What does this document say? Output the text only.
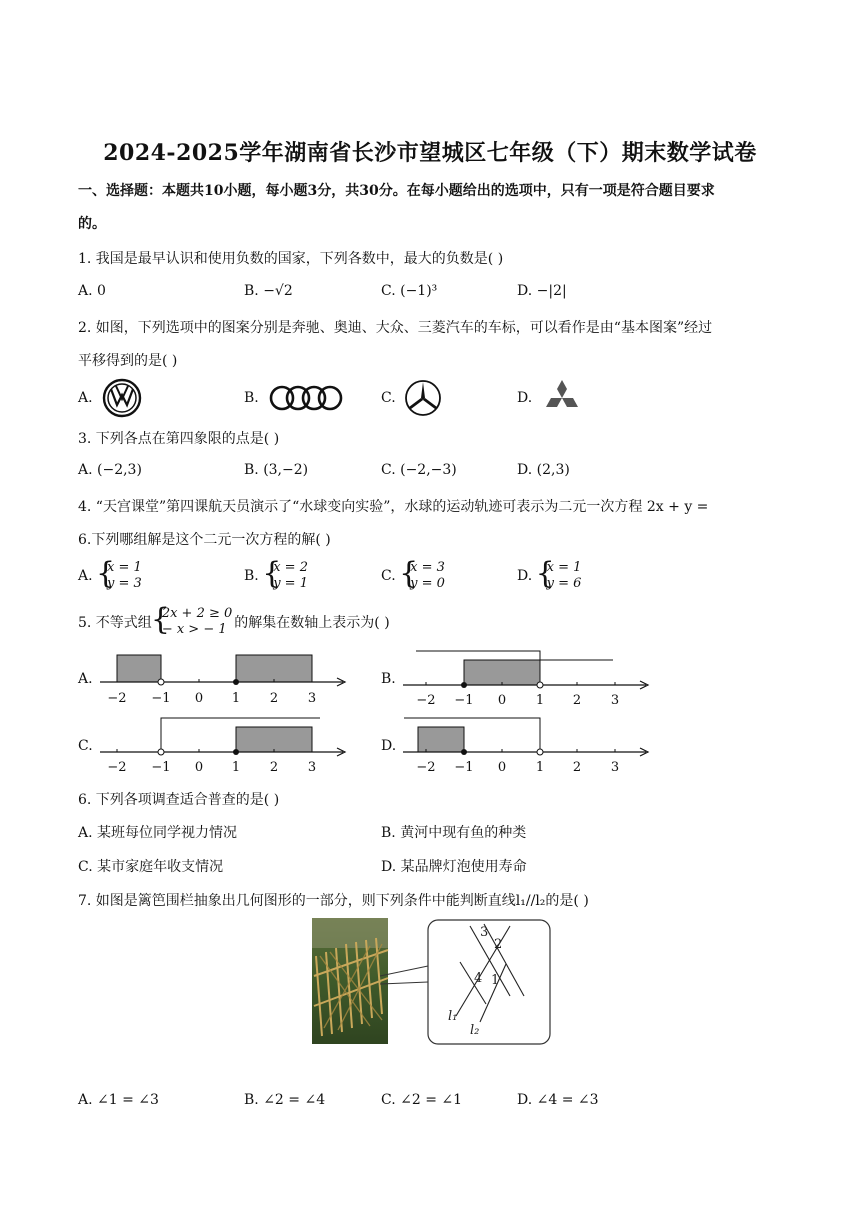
2024-2025学年湖南省长沙市望城区七年级（下）期末数学试卷
一、选择题：本题共10小题，每小题3分，共30分。在每小题给出的选项中，只有一项是符合题目要求
的。
1. 我国是最早认识和使用负数的国家，下列各数中，最大的负数是( )
A. 0	B. −√2	C. (−1)³	D. −|2|
2. 如图，下列选项中的图案分别是奔驰、奥迪、大众、三菱汽车的车标，可以看作是由“基本图案”经过
平移得到的是( )
A.	B.	C.	D.
3. 下列各点在第四象限的点是( )
A. (−2,3)	B. (3,−2)	C. (−2,−3)	D. (2,3)
4. “天宫课堂”第四课航天员演示了“水球变向实验”，水球的运动轨迹可表示为二元一次方程 2x + y =
6.下列哪组解是这个二元一次方程的解( )
A. { x = 1
y = 3	B. { x = 2
y = 1	C. { x = 3
y = 0	D. { x = 1
y = 6
5. 不等式组{ 2x + 2 ≥ 0
− x > − 1 的解集在数轴上表示为( )
A.	B.
C.	D.
−2 −1 0 1 2 3	−2 −1 0 1 2 3
−2 −1 0 1 2 3	−2 −1 0 1 2 3
6. 下列各项调查适合普查的是( )
A. 某班每位同学视力情况	B. 黄河中现有鱼的种类
C. 某市家庭年收支情况	D. 某品牌灯泡使用寿命
7. 如图是篱笆围栏抽象出几何图形的一部分，则下列条件中能判断直线l₁//l₂的是( )
3
2
4 1
l₁
l₂
A. ∠1 = ∠3	B. ∠2 = ∠4	C. ∠2 = ∠1	D. ∠4 = ∠3
